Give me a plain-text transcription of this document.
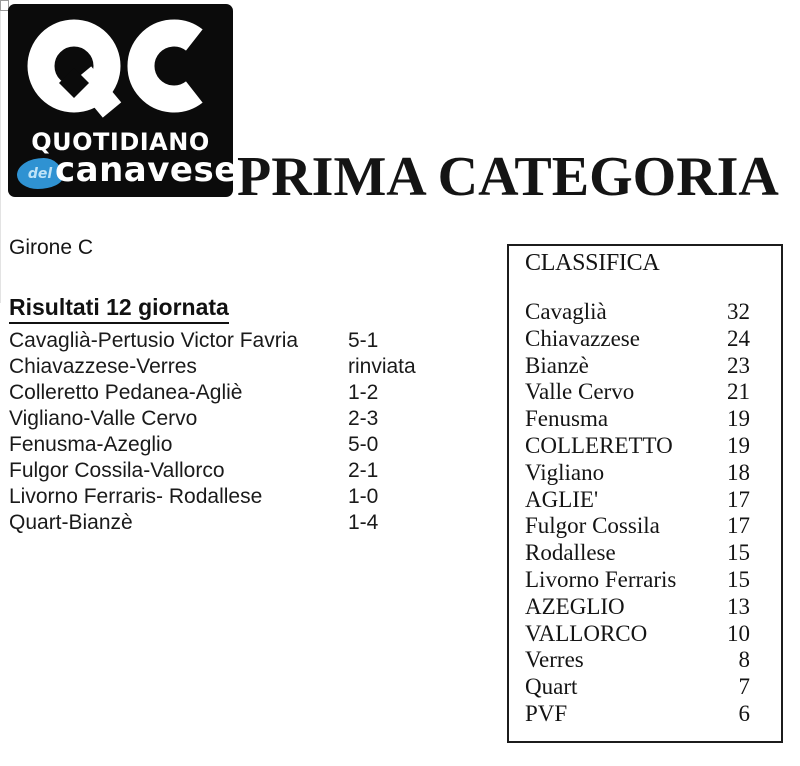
QUOTIDIANO
del canavese PRIMA CATEGORIA
Girone C
Risultati 12 giornata
Cavaglià-Pertusio Victor Favria 5-1
Chiavazzese-Verres	rinviata
Colleretto Pedanea-Agliè	1-2
Vigliano-Valle Cervo	2-3
Fenusma-Azeglio	5-0
Fulgor Cossila-Vallorco	2-1
Livorno Ferraris- Rodallese	1-0
Quart-Bianzè	1-4
CLASSIFICA
Cavaglià	32
Chiavazzese	24
Bianzè	23
Valle Cervo	21
Fenusma	19
COLLERETTO 19
Vigliano	18
AGLIE'	17
Fulgor Cossila	17
Rodallese	15
Livorno Ferraris 15
AZEGLIO	13
VALLORCO	10
Verres	8
Quart	7
PVF	6
